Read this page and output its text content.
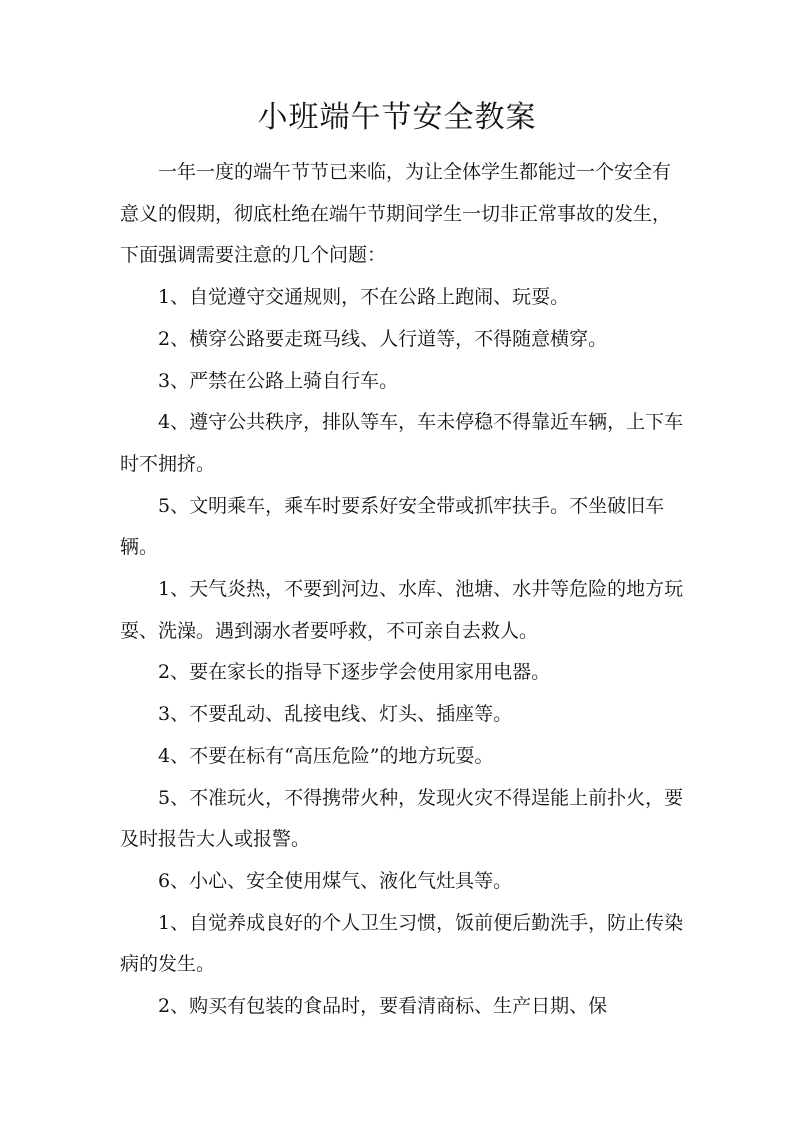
小班端午节安全教案

一年一度的端午节节已来临，为让全体学生都能过一个安全有意义的假期，彻底杜绝在端午节期间学生一切非正常事故的发生，下面强调需要注意的几个问题：

1、自觉遵守交通规则，不在公路上跑闹、玩耍。

2、横穿公路要走斑马线、人行道等，不得随意横穿。

3、严禁在公路上骑自行车。

4、遵守公共秩序，排队等车，车未停稳不得靠近车辆，上下车时不拥挤。

5、文明乘车，乘车时要系好安全带或抓牢扶手。不坐破旧车辆。

1、天气炎热，不要到河边、水库、池塘、水井等危险的地方玩耍、洗澡。遇到溺水者要呼救，不可亲自去救人。

2、要在家长的指导下逐步学会使用家用电器。

3、不要乱动、乱接电线、灯头、插座等。

4、不要在标有“高压危险”的地方玩耍。

5、不准玩火，不得携带火种，发现火灾不得逞能上前扑火，要及时报告大人或报警。

6、小心、安全使用煤气、液化气灶具等。

1、自觉养成良好的个人卫生习惯，饭前便后勤洗手，防止传染病的发生。

2、购买有包装的食品时，要看清商标、生产日期、保
